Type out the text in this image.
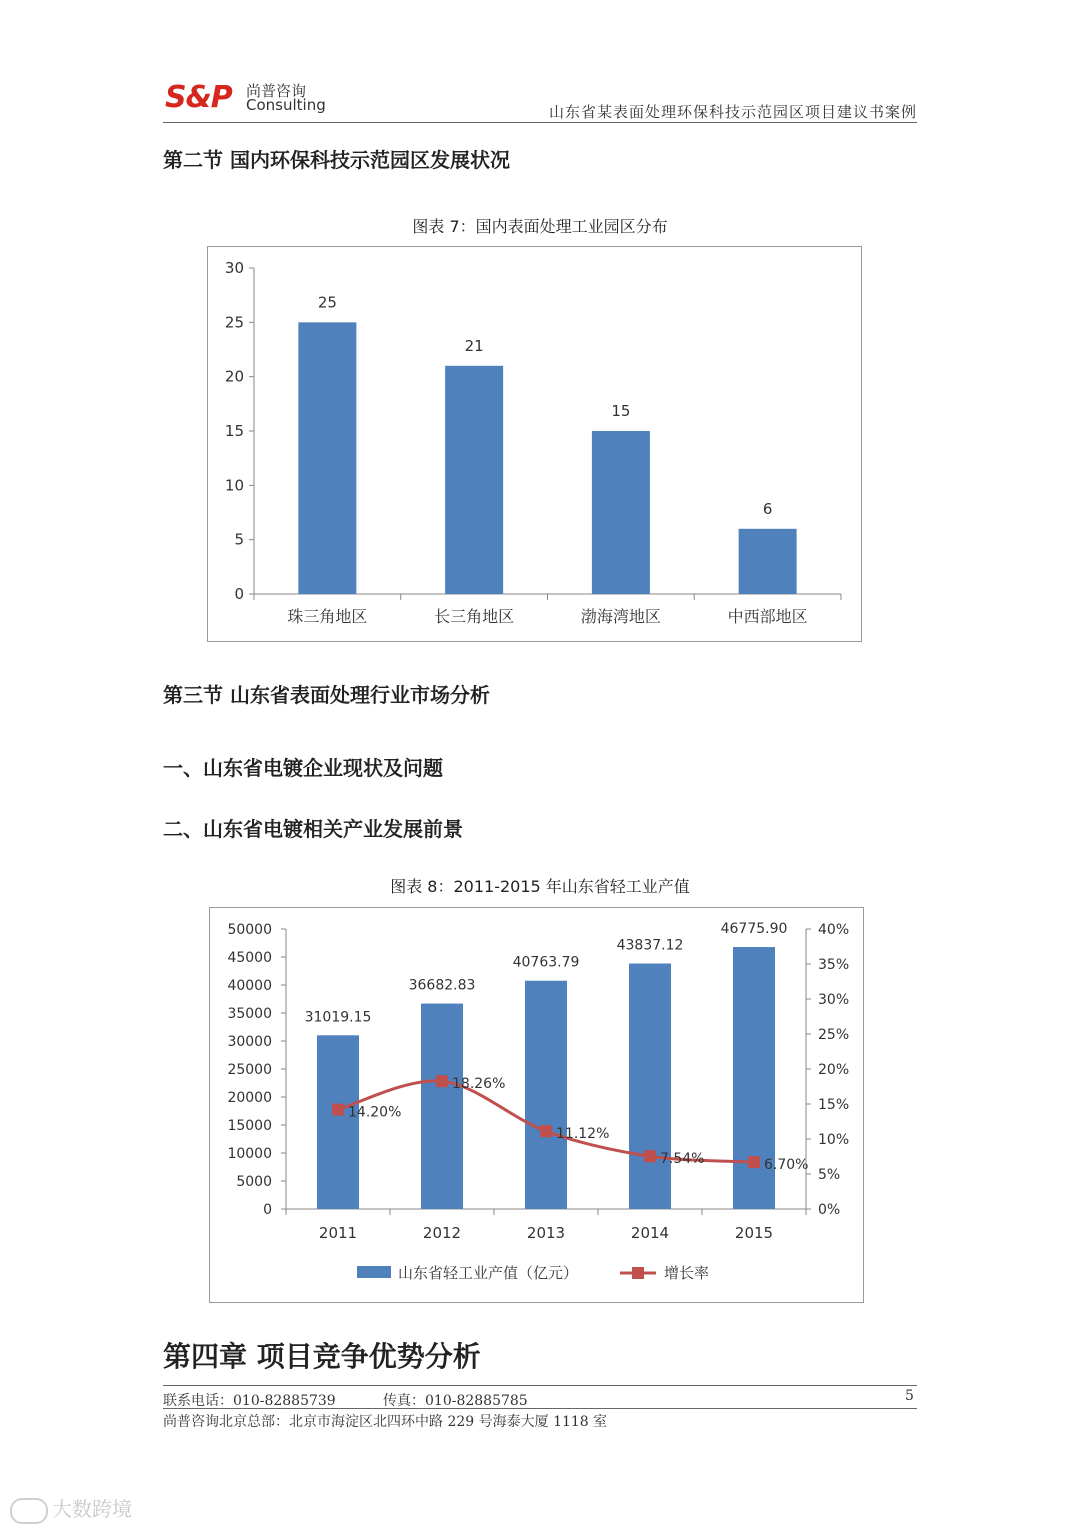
S&P 尚普咨询
Consulting	山东省某表面处理环保科技示范园区项目建议书案例
第二节 国内环保科技示范园区发展状况
图表 7：国内表面处理工业园区分布
0
5
10
15
20
25
30
25
珠三角地区
21
长三角地区
15
渤海湾地区
6
中西部地区
第三节 山东省表面处理行业市场分析
一、山东省电镀企业现状及问题
二、山东省电镀相关产业发展前景
图表 8：2011-2015 年山东省轻工业产值
0
5000
10000
15000
20000
25000
30000
35000
40000
45000
50000
0%
5%
10%
15%
20%
25%
30%
35%
40%
31019.15
2011
36682.83
2012
40763.79
2013
43837.12
2014
46775.90
2015
14.20%
18.26%
11.12%
7.54%	6.70%
山东省轻工业产值（亿元）	增长率
第四章 项目竞争优势分析
联系电话：010-82885739	传真：010-82885785	5
尚普咨询北京总部：北京市海淀区北四环中路 229 号海泰大厦 1118 室
大数跨境
